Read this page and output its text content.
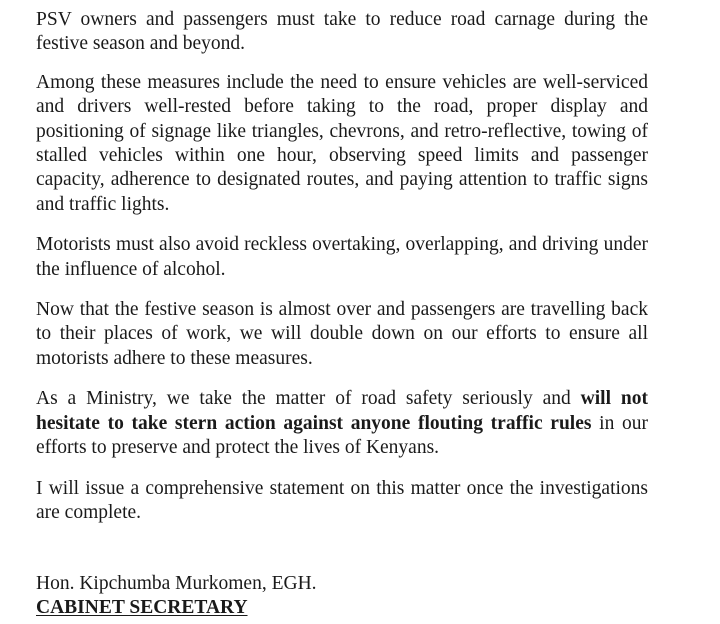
PSV owners and passengers must take to reduce road carnage during the festive season and beyond.

Among these measures include the need to ensure vehicles are well-serviced and drivers well-rested before taking to the road, proper display and positioning of signage like triangles, chevrons, and retro-reflective, towing of stalled vehicles within one hour, observing speed limits and passenger capacity, adherence to designated routes, and paying attention to traffic signs and traffic lights.

Motorists must also avoid reckless overtaking, overlapping, and driving under the influence of alcohol.

Now that the festive season is almost over and passengers are travelling back to their places of work, we will double down on our efforts to ensure all motorists adhere to these measures.

As a Ministry, we take the matter of road safety seriously and will not hesitate to take stern action against anyone flouting traffic rules in our efforts to preserve and protect the lives of Kenyans.

I will issue a comprehensive statement on this matter once the investigations are complete.

Hon. Kipchumba Murkomen, EGH.
CABINET SECRETARY
